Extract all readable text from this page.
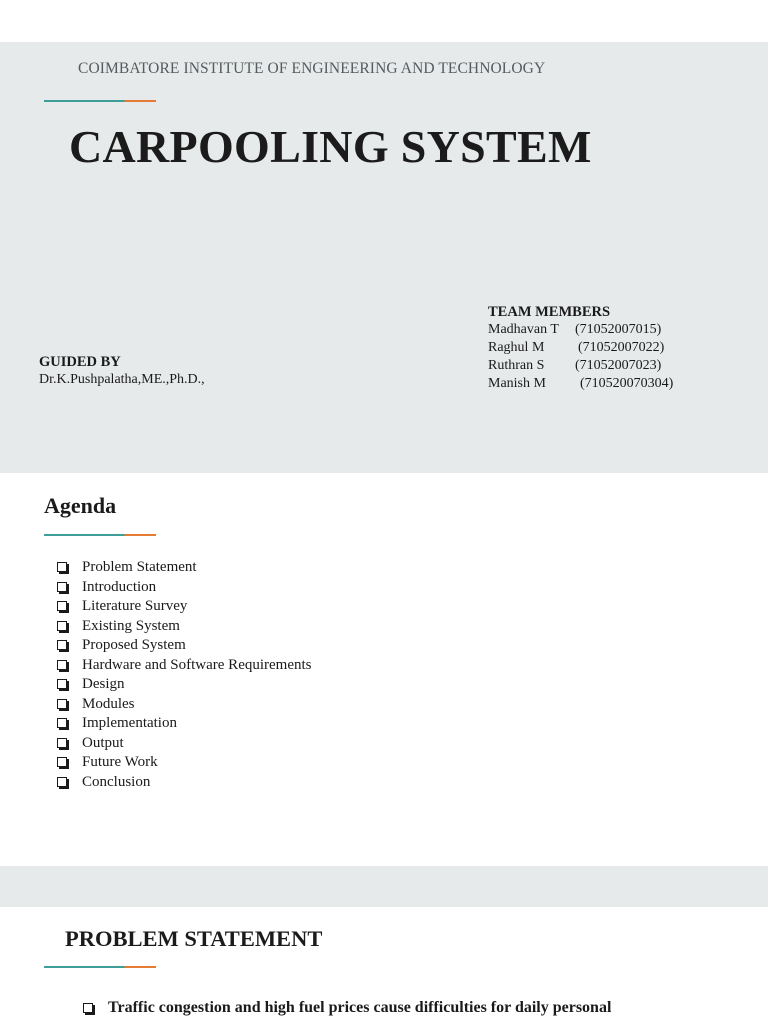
COIMBATORE INSTITUTE OF ENGINEERING AND TECHNOLOGY
CARPOOLING SYSTEM
TEAM MEMBERS
Madhavan T (71052007015)
Raghul M (71052007022)
Ruthran S (71052007023)
Manish M (710520070304)
GUIDED BY
Dr.K.Pushpalatha,ME.,Ph.D.,
Agenda
Problem Statement
Introduction
Literature Survey
Existing System
Proposed System
Hardware and Software Requirements
Design
Modules
Implementation
Output
Future Work
Conclusion
PROBLEM STATEMENT
Traffic congestion and high fuel prices cause difficulties for daily personal
